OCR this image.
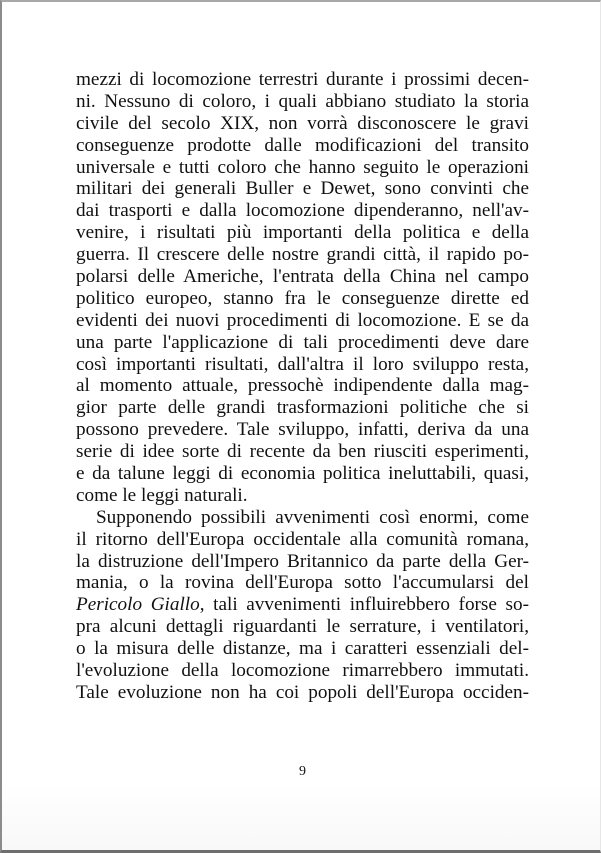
mezzi di locomozione terrestri durante i prossimi decen-
ni. Nessuno di coloro, i quali abbiano studiato la storia
civile del secolo XIX, non vorrà disconoscere le gravi
conseguenze prodotte dalle modificazioni del transito
universale e tutti coloro che hanno seguito le operazioni
militari dei generali Buller e Dewet, sono convinti che
dai trasporti e dalla locomozione dipenderanno, nell'av-
venire, i risultati più importanti della politica e della
guerra. Il crescere delle nostre grandi città, il rapido po-
polarsi delle Americhe, l'entrata della China nel campo
politico europeo, stanno fra le conseguenze dirette ed
evidenti dei nuovi procedimenti di locomozione. E se da
una parte l'applicazione di tali procedimenti deve dare
così importanti risultati, dall'altra il loro sviluppo resta,
al momento attuale, pressochè indipendente dalla mag-
gior parte delle grandi trasformazioni politiche che si
possono prevedere. Tale sviluppo, infatti, deriva da una
serie di idee sorte di recente da ben riusciti esperimenti,
e da talune leggi di economia politica ineluttabili, quasi,
come le leggi naturali.
Supponendo possibili avvenimenti così enormi, come
il ritorno dell'Europa occidentale alla comunità romana,
la distruzione dell'Impero Britannico da parte della Ger-
mania, o la rovina dell'Europa sotto l'accumularsi del
Pericolo Giallo, tali avvenimenti influirebbero forse so-
pra alcuni dettagli riguardanti le serrature, i ventilatori,
o la misura delle distanze, ma i caratteri essenziali del-
l'evoluzione della locomozione rimarrebbero immutati.
Tale evoluzione non ha coi popoli dell'Europa occiden-
9
